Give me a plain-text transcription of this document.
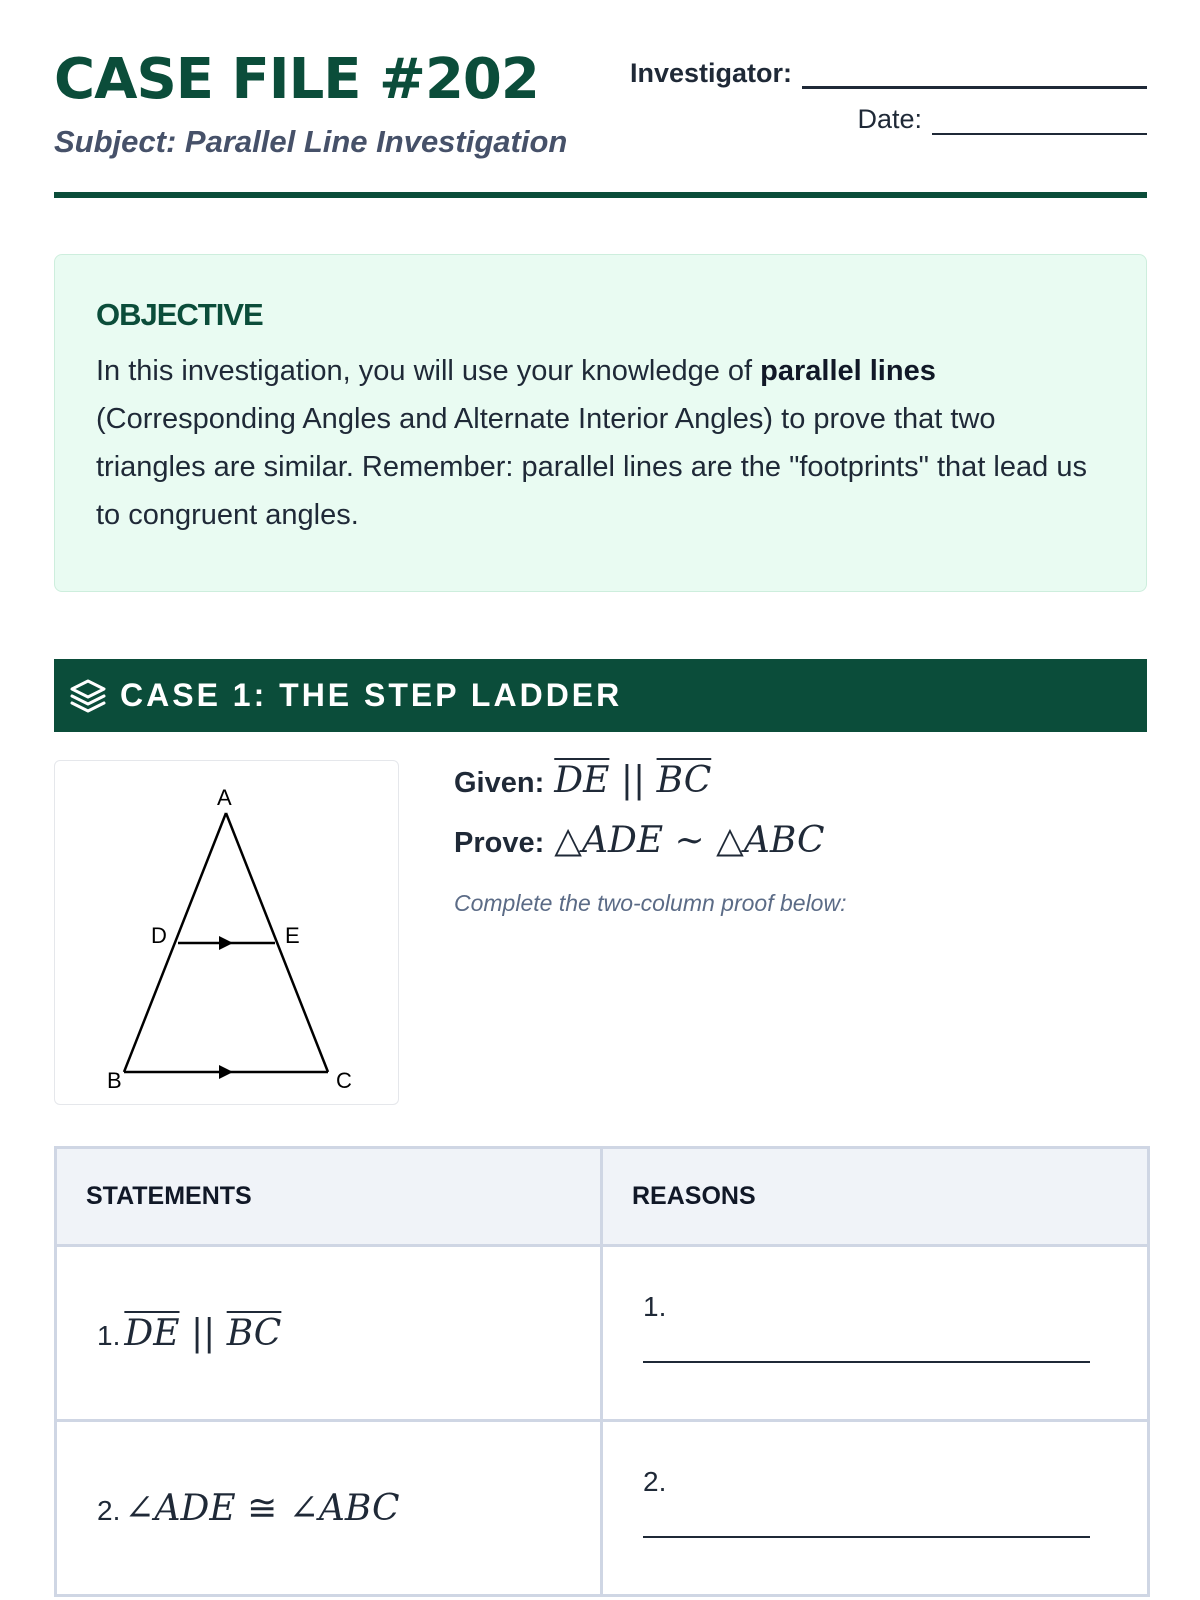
CASE FILE #202
Subject: Parallel Line Investigation
Investigator:
Date:
OBJECTIVE

In this investigation, you will use your knowledge of parallel lines (Corresponding Angles and Alternate Interior Angles) to prove that two triangles are similar. Remember: parallel lines are the "footprints" that lead us to congruent angles.

CASE 1: THE STEP LADDER
A
D	E
B	C
Given: $\overline{DE}$ || $\overline{BC}$
Prove: △ADE ∼ △ABC
Complete the two-column proof below:
STATEMENTS	REASONS

1. $\overline{DE}$ || $\overline{BC}$	1.

2. ∠ADE ≅ ∠ABC	2.
